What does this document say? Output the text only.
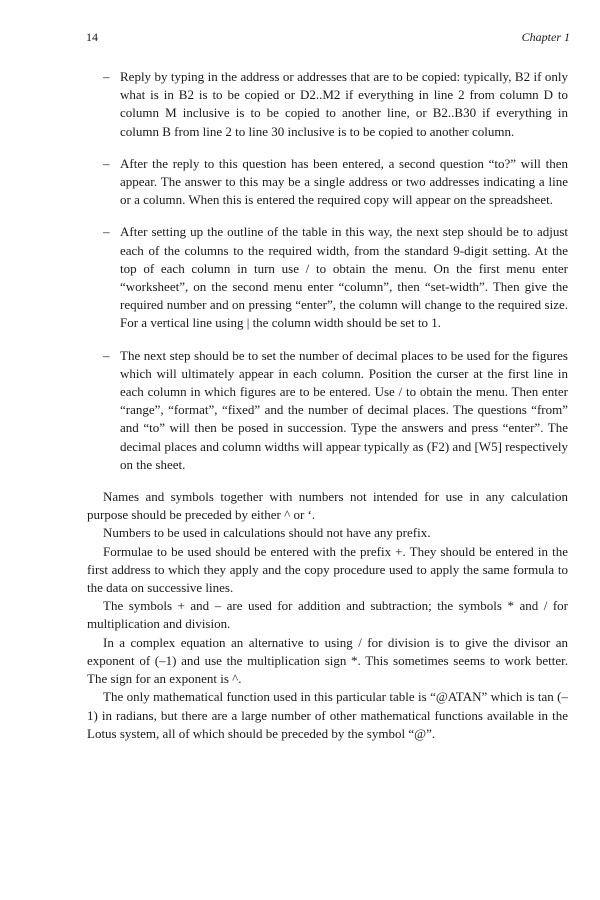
14	Chapter 1
– Reply by typing in the address or addresses that are to be copied: typically, B2 if only what is in B2 is to be copied or D2..M2 if everything in line 2 from column D to column M inclusive is to be copied to another line, or B2..B30 if everything in column B from line 2 to line 30 inclusive is to be copied to another column.
– After the reply to this question has been entered, a second question “to?” will then appear. The answer to this may be a single address or two addresses indicating a line or a column. When this is entered the required copy will appear on the spreadsheet.
– After setting up the outline of the table in this way, the next step should be to adjust each of the columns to the required width, from the standard 9-digit setting. At the top of each column in turn use / to obtain the menu. On the first menu enter “worksheet”, on the second menu enter “column”, then “set-width”. Then give the required number and on pressing “enter”, the column will change to the required size. For a vertical line using | the column width should be set to 1.
– The next step should be to set the number of decimal places to be used for the figures which will ultimately appear in each column. Position the curser at the first line in each column in which figures are to be entered. Use / to obtain the menu. Then enter “range”, “format”, “fixed” and the number of decimal places. The questions “from” and “to” will then be posed in succession. Type the answers and press “enter”. The decimal places and column widths will appear typically as (F2) and [W5] respectively on the sheet.

Names and symbols together with numbers not intended for use in any calculation purpose should be preceded by either ^ or ‘.

Numbers to be used in calculations should not have any prefix.

Formulae to be used should be entered with the prefix +. They should be entered in the first address to which they apply and the copy procedure used to apply the same formula to the data on successive lines.

The symbols + and – are used for addition and subtraction; the symbols * and / for multiplication and division.

In a complex equation an alternative to using / for division is to give the divisor an exponent of (–1) and use the multiplication sign *. This sometimes seems to work better. The sign for an exponent is ^.

The only mathematical function used in this particular table is “@ATAN” which is tan (–1) in radians, but there are a large number of other mathematical functions available in the Lotus system, all of which should be preceded by the symbol “@”.
